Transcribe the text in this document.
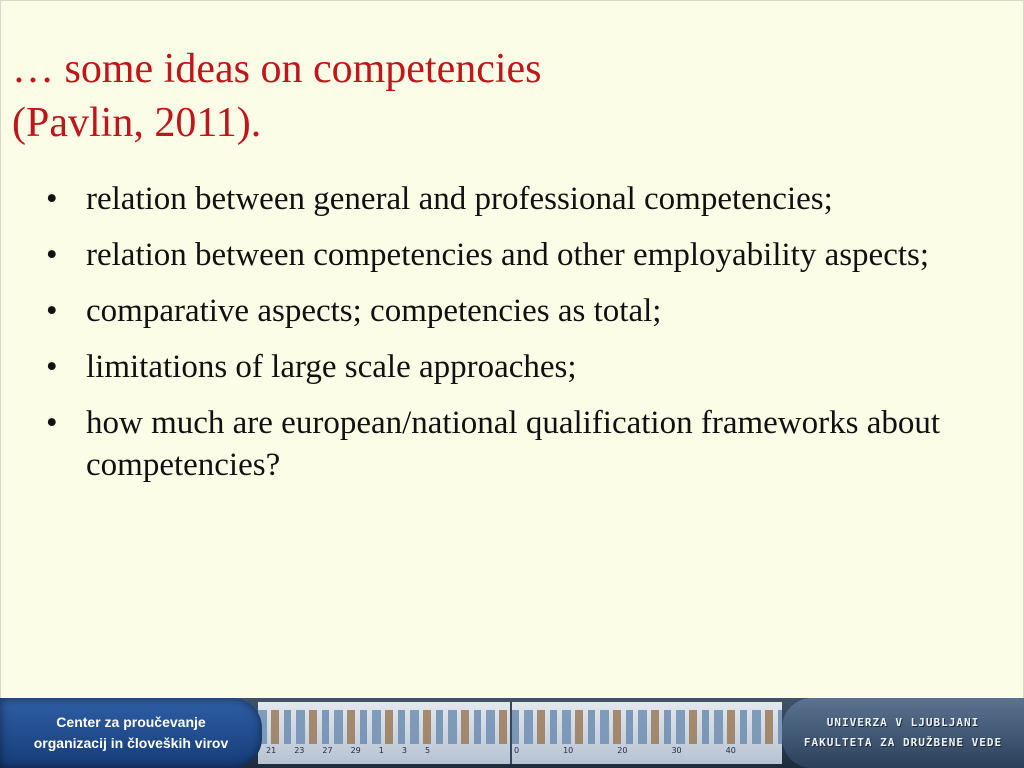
… some ideas on competencies
(Pavlin, 2011).
• relation between general and professional competencies;
• relation between competencies and other employability aspects;
• comparative aspects; competencies as total;
• limitations of large scale approaches;
• how much are european/national qualification frameworks about competencies?
21 23 27 29 1 3 5	0	10	20	30	40
Center za proučevanje
organizacij in človeških virov
UNIVERZA V LJUBLJANI
FAKULTETA ZA DRUŽBENE VEDE
